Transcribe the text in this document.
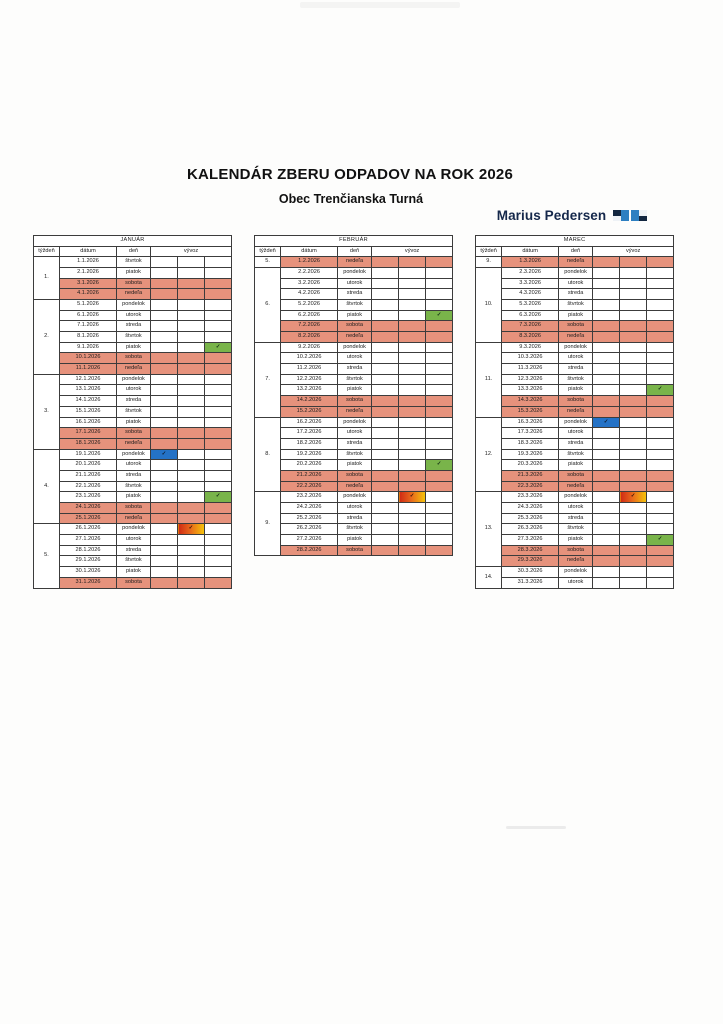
KALENDÁR ZBERU ODPADOV NA ROK 2026
Obec Trenčianska Turná
Marius Pedersen
JANUÁR					
týždeň	dátum	deň	vývoz		
1.	1.1.2026	štvrtok			
	2.1.2026	piatok			
	3.1.2026	sobota			
	4.1.2026	nedeľa			
2.	5.1.2026	pondelok			
	6.1.2026	utorok			
	7.1.2026	streda			
	8.1.2026	štvrtok			
	9.1.2026	piatok			✓
	10.1.2026	sobota			
	11.1.2026	nedeľa			
3.	12.1.2026	pondelok			
	13.1.2026	utorok			
	14.1.2026	streda			
	15.1.2026	štvrtok			
	16.1.2026	piatok			
	17.1.2026	sobota			
	18.1.2026	nedeľa			
4.	19.1.2026	pondelok	✓		
	20.1.2026	utorok			
	21.1.2026	streda			
	22.1.2026	štvrtok			
	23.1.2026	piatok			✓
	24.1.2026	sobota			
	25.1.2026	nedeľa			
5.	26.1.2026	pondelok		✓	
	27.1.2026	utorok			
	28.1.2026	streda			
	29.1.2026	štvrtok			
	30.1.2026	piatok			
	31.1.2026	sobota			
FEBRUÁR					
týždeň	dátum	deň	vývoz		
5.	1.2.2026	nedeľa			
6.	2.2.2026	pondelok			
	3.2.2026	utorok			
	4.2.2026	streda			
	5.2.2026	štvrtok			
	6.2.2026	piatok			✓
	7.2.2026	sobota			
	8.2.2026	nedeľa			
7.	9.2.2026	pondelok			
	10.2.2026	utorok			
	11.2.2026	streda			
	12.2.2026	štvrtok			
	13.2.2026	piatok			
	14.2.2026	sobota			
	15.2.2026	nedeľa			
8.	16.2.2026	pondelok			
	17.2.2026	utorok			
	18.2.2026	streda			
	19.2.2026	štvrtok			
	20.2.2026	piatok			✓
	21.2.2026	sobota			
	22.2.2026	nedeľa			
9.	23.2.2026	pondelok		✓	
	24.2.2026	utorok			
	25.2.2026	streda			
	26.2.2026	štvrtok			
	27.2.2026	piatok			
	28.2.2026	sobota			
MAREC					
týždeň	dátum	deň	vývoz		
9.	1.3.2026	nedeľa			
10.	2.3.2026	pondelok			
	3.3.2026	utorok			
	4.3.2026	streda			
	5.3.2026	štvrtok			
	6.3.2026	piatok			
	7.3.2026	sobota			
	8.3.2026	nedeľa			
11.	9.3.2026	pondelok			
	10.3.2026	utorok			
	11.3.2026	streda			
	12.3.2026	štvrtok			
	13.3.2026	piatok			✓
	14.3.2026	sobota			
	15.3.2026	nedeľa			
12.	16.3.2026	pondelok	✓		
	17.3.2026	utorok			
	18.3.2026	streda			
	19.3.2026	štvrtok			
	20.3.2026	piatok			
	21.3.2026	sobota			
	22.3.2026	nedeľa			
13.	23.3.2026	pondelok		✓	
	24.3.2026	utorok			
	25.3.2026	streda			
	26.3.2026	štvrtok			
	27.3.2026	piatok			✓
	28.3.2026	sobota			
	29.3.2026	nedeľa			
14.	30.3.2026	pondelok			
	31.3.2026	utorok			
